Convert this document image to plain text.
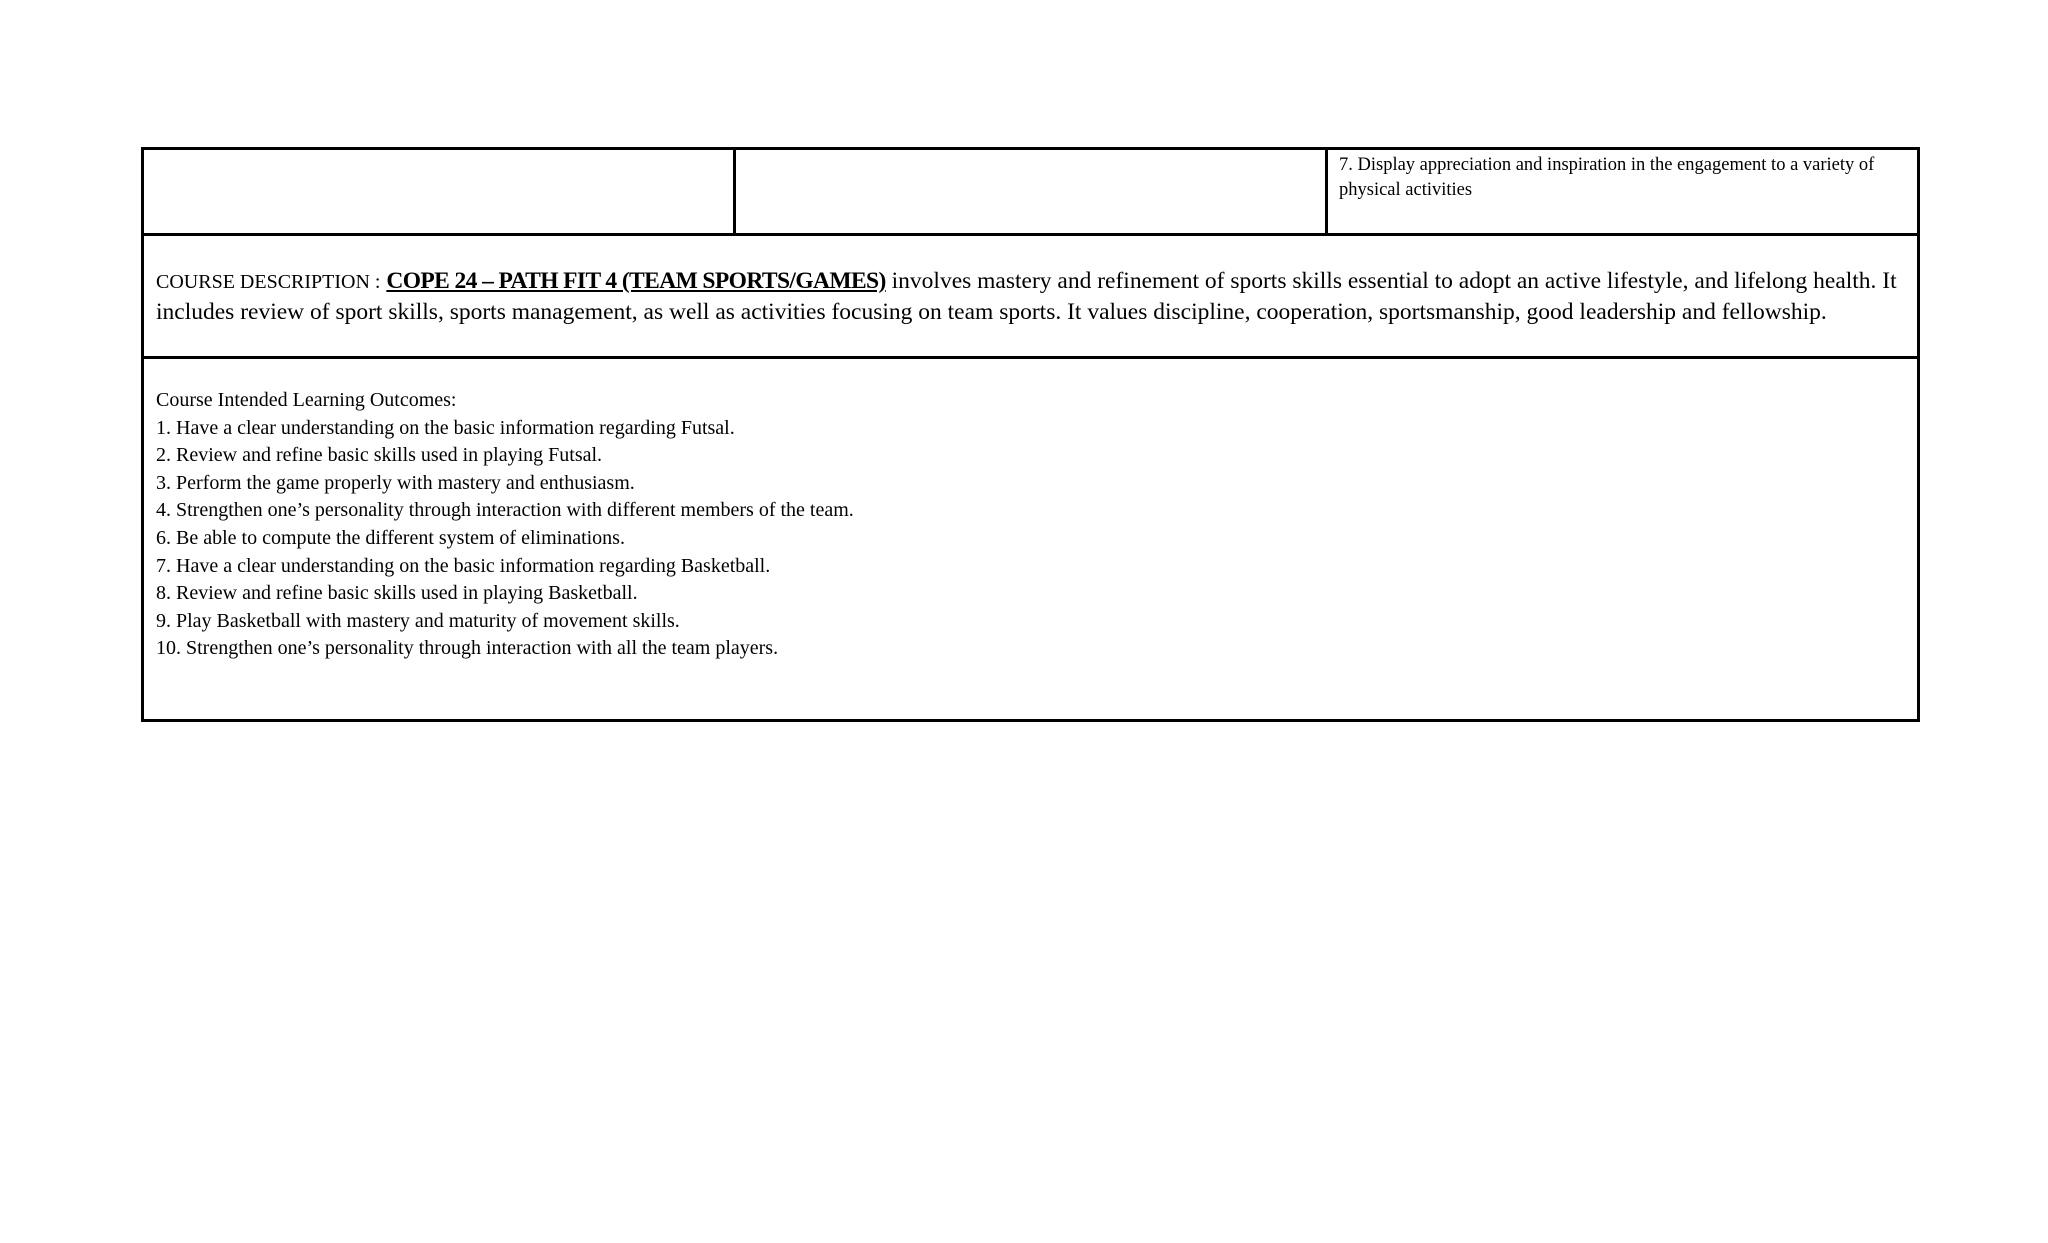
7. Display appreciation and inspiration in the engagement to a variety of physical activities
COURSE DESCRIPTION : COPE 24 – PATH FIT 4 (TEAM SPORTS/GAMES) involves mastery and refinement of sports skills essential to adopt an active lifestyle, and lifelong health. It includes review of sport skills, sports management, as well as activities focusing on team sports. It values discipline, cooperation, sportsmanship, good leadership and fellowship.
Course Intended Learning Outcomes:
1. Have a clear understanding on the basic information regarding Futsal.
2. Review and refine basic skills used in playing Futsal.
3. Perform the game properly with mastery and enthusiasm.
4. Strengthen one’s personality through interaction with different members of the team.
6. Be able to compute the different system of eliminations.
7. Have a clear understanding on the basic information regarding Basketball.
8. Review and refine basic skills used in playing Basketball.
9. Play Basketball with mastery and maturity of movement skills.
10. Strengthen one’s personality through interaction with all the team players.
